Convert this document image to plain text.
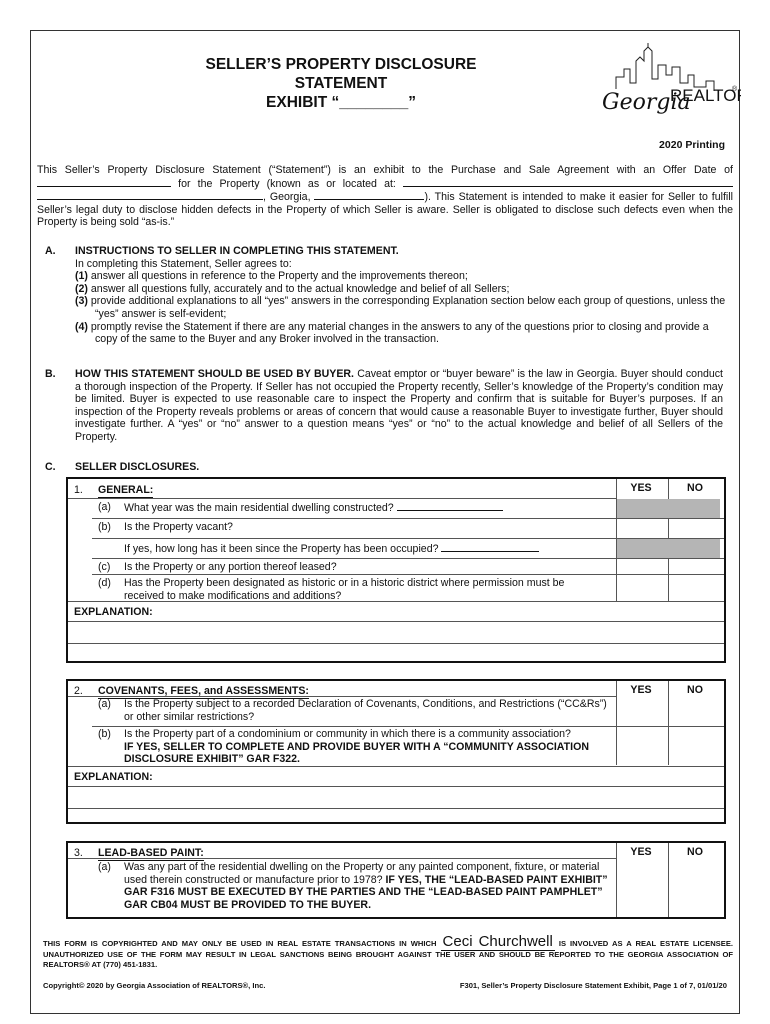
SELLER’S PROPERTY DISCLOSURE STATEMENT
EXHIBIT “________”	Georgia
REALTO
®
2020 Printing
This Seller’s Property Disclosure Statement (“Statement”) is an exhibit to the Purchase and Sale Agreement with an Offer Date of  for the Property (known as or located at:  , Georgia,	). This Statement is intended to make it easier for Seller to fulfill Seller’s legal duty to disclose hidden defects in the Property of which Seller is aware. Seller is obligated to disclose such defects even when the Property is being sold “as-is.”
A. INSTRUCTIONS TO SELLER IN COMPLETING THIS STATEMENT.
In completing this Statement, Seller agrees to:
(1) answer all questions in reference to the Property and the improvements thereon;
(2) answer all questions fully, accurately and to the actual knowledge and belief of all Sellers;
(3) provide additional explanations to all “yes” answers in the corresponding Explanation section below each group of questions, unless the “yes” answer is self-evident;
(4) promptly revise the Statement if there are any material changes in the answers to any of the questions prior to closing and provide a copy of the same to the Buyer and any Broker involved in the transaction.
B. HOW THIS STATEMENT SHOULD BE USED BY BUYER. Caveat emptor or “buyer beware” is the law in Georgia. Buyer should conduct a thorough inspection of the Property. If Seller has not occupied the Property recently, Seller’s knowledge of the Property’s condition may be limited. Buyer is expected to use reasonable care to inspect the Property and confirm that is suitable for Buyer’s purposes. If an inspection of the Property reveals problems or areas of concern that would cause a reasonable Buyer to investigate further, Buyer should investigate further. A “yes” or “no” answer to a question means “yes” or “no” to the actual knowledge and belief of all Sellers of the Property.
C. SELLER DISCLOSURES.
1. GENERAL:	YES	NO
(a) What year was the main residential dwelling constructed?
(b) Is the Property vacant?
If yes, how long has it been since the Property has been occupied?
(c) Is the Property or any portion thereof leased?
(d) Has the Property been designated as historic or in a historic district where permission must be received to make modifications and additions?
EXPLANATION:
2. COVENANTS, FEES, and ASSESSMENTS:	YES	NO
(a) Is the Property subject to a recorded Declaration of Covenants, Conditions, and Restrictions (“CC&Rs”) or other similar restrictions?
(b) Is the Property part of a condominium or community in which there is a community association?
IF YES, SELLER TO COMPLETE AND PROVIDE BUYER WITH A “COMMUNITY ASSOCIATION DISCLOSURE EXHIBIT” GAR F322.
EXPLANATION:
3. LEAD-BASED PAINT:	YES	NO
(a) Was any part of the residential dwelling on the Property or any painted component, fixture, or material used therein constructed or manufacture prior to 1978? IF YES, THE “LEAD-BASED PAINT EXHIBIT” GAR F316 MUST BE EXECUTED BY THE PARTIES AND THE “LEAD-BASED PAINT PAMPHLET” GAR CB04 MUST BE PROVIDED TO THE BUYER.
THIS FORM IS COPYRIGHTED AND MAY ONLY BE USED IN REAL ESTATE TRANSACTIONS IN WHICH Ceci Churchwell IS INVOLVED AS A REAL ESTATE LICENSEE. UNAUTHORIZED USE OF THE FORM MAY RESULT IN LEGAL SANCTIONS BEING BROUGHT AGAINST THE USER AND SHOULD BE REPORTED TO THE GEORGIA ASSOCIATION OF REALTORS® AT (770) 451-1831.
Copyright© 2020 by Georgia Association of REALTORS®, Inc.	F301, Seller’s Property Disclosure Statement Exhibit, Page 1 of 7, 01/01/20
